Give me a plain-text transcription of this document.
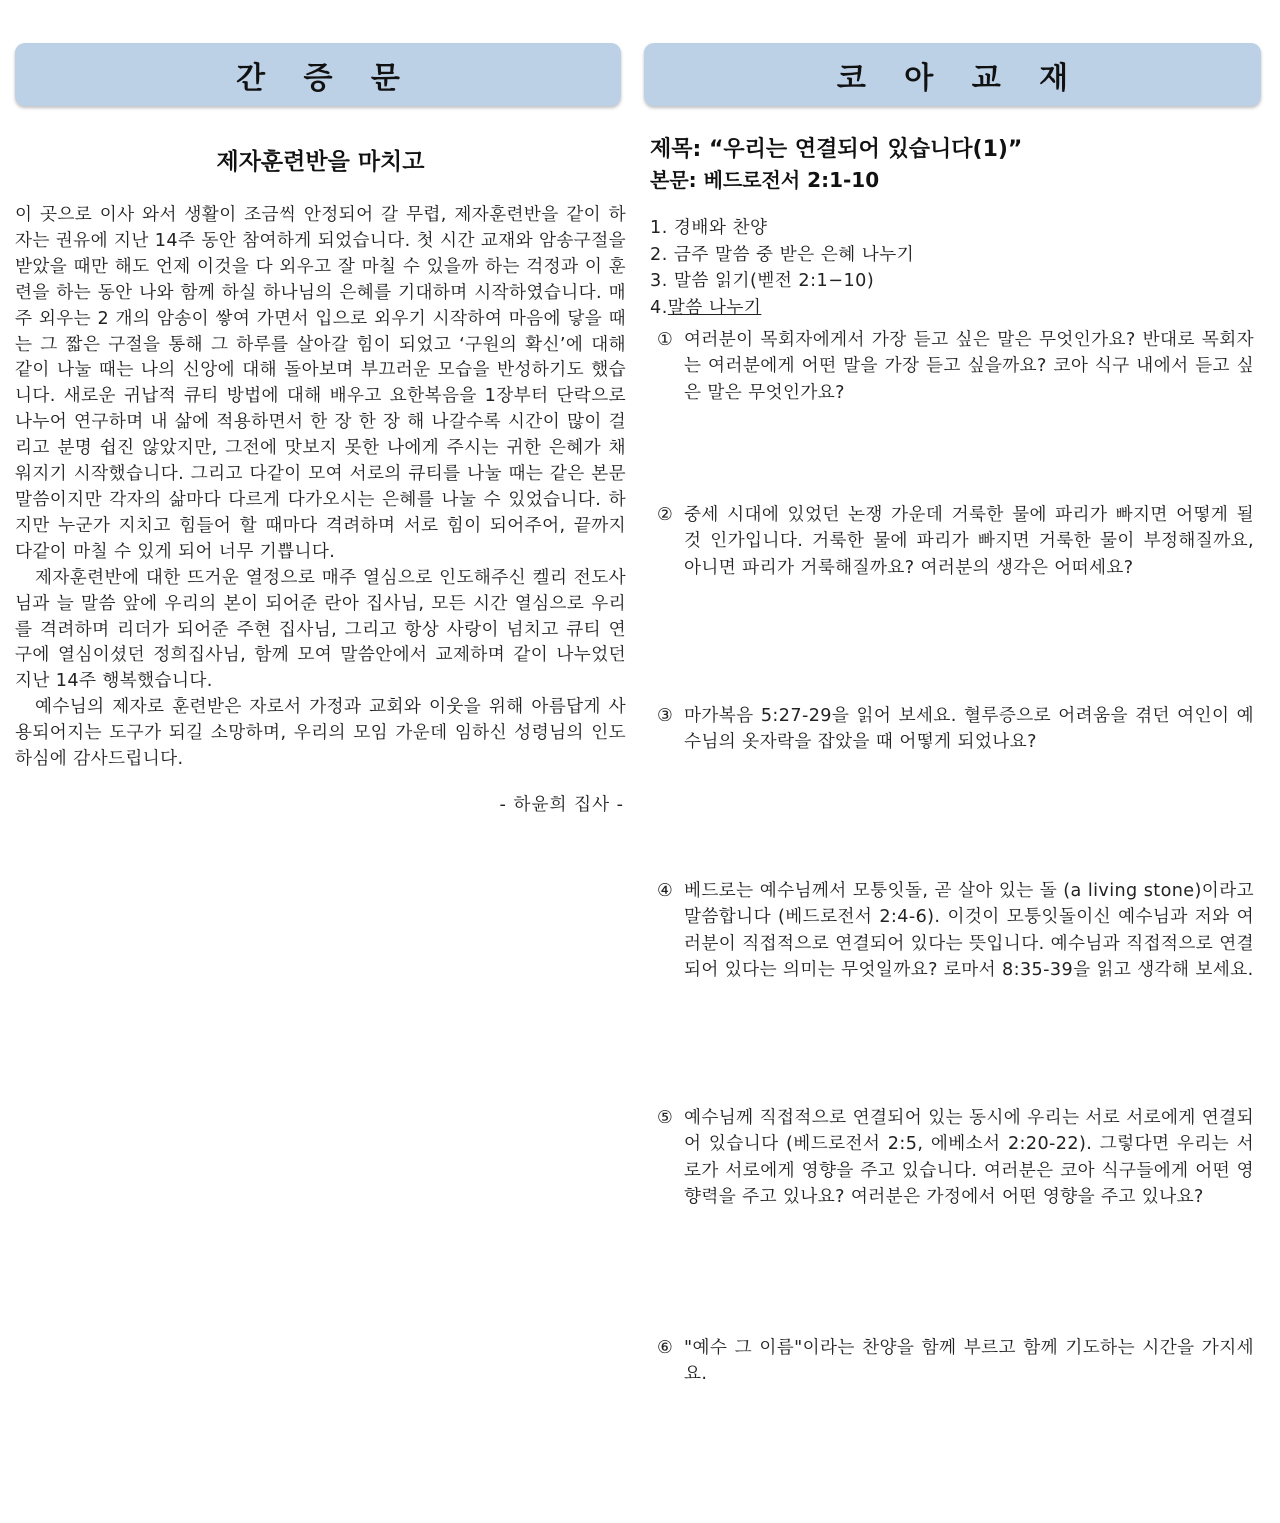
간 증 문	코 아 교 재
제자훈련반을 마치고

이 곳으로 이사 와서 생활이 조금씩 안정되어 갈 무렵, 제자훈련반을 같이 하자는 권유에 지난 14주 동안 참여하게 되었습니다. 첫 시간 교재와 암송구절을 받았을 때만 해도 언제 이것을 다 외우고 잘 마칠 수 있을까 하는 걱정과 이 훈련을 하는 동안 나와 함께 하실 하나님의 은혜를 기대하며 시작하였습니다. 매주 외우는 2 개의 암송이 쌓여 가면서 입으로 외우기 시작하여 마음에 닿을 때는 그 짧은 구절을 통해 그 하루를 살아갈 힘이 되었고 ‘구원의 확신’에 대해 같이 나눌 때는 나의 신앙에 대해 돌아보며 부끄러운 모습을 반성하기도 했습니다. 새로운 귀납적 큐티 방법에 대해 배우고 요한복음을 1장부터 단락으로 나누어 연구하며 내 삶에 적용하면서 한 장 한 장 해 나갈수록 시간이 많이 걸리고 분명 쉽진 않았지만, 그전에 맛보지 못한 나에게 주시는 귀한 은혜가 채워지기 시작했습니다. 그리고 다같이 모여 서로의 큐티를 나눌 때는 같은 본문 말씀이지만 각자의 삶마다 다르게 다가오시는 은혜를 나눌 수 있었습니다. 하지만 누군가 지치고 힘들어 할 때마다 격려하며 서로 힘이 되어주어, 끝까지 다같이 마칠 수 있게 되어 너무 기쁩니다.

제자훈련반에 대한 뜨거운 열정으로 매주 열심으로 인도해주신 켈리 전도사님과 늘 말씀 앞에 우리의 본이 되어준 란아 집사님, 모든 시간 열심으로 우리를 격려하며 리더가 되어준 주현 집사님, 그리고 항상 사랑이 넘치고 큐티 연구에 열심이셨던 정희집사님, 함께 모여 말씀안에서 교제하며 같이 나누었던 지난 14주 행복했습니다.

예수님의 제자로 훈련받은 자로서 가정과 교회와 이웃을 위해 아름답게 사용되어지는 도구가 되길 소망하며, 우리의 모임 가운데 임하신 성령님의 인도하심에 감사드립니다.

- 하윤희 집사 -
제목: “우리는 연결되어 있습니다(1)”
본문: 베드로전서 2:1-10
1. 경배와 찬양
2. 금주 말씀 중 받은 은혜 나누기
3. 말씀 읽기(벧전 2:1−10)
4.말씀 나누기
① 여러분이 목회자에게서 가장 듣고 싶은 말은 무엇인가요? 반대로 목회자는 여러분에게 어떤 말을 가장 듣고 싶을까요? 코아 식구 내에서 듣고 싶은 말은 무엇인가요?
② 중세 시대에 있었던 논쟁 가운데 거룩한 물에 파리가 빠지면 어떻게 될 것 인가입니다. 거룩한 물에 파리가 빠지면 거룩한 물이 부정해질까요, 아니면 파리가 거룩해질까요? 여러분의 생각은 어떠세요?
③ 마가복음 5:27-29을 읽어 보세요. 혈루증으로 어려움을 겪던 여인이 예수님의 옷자락을 잡았을 때 어떻게 되었나요?
④ 베드로는 예수님께서 모퉁잇돌, 곧 살아 있는 돌 (a living stone)이라고 말씀합니다 (베드로전서 2:4-6). 이것이 모퉁잇돌이신 예수님과 저와 여러분이 직접적으로 연결되어 있다는 뜻입니다. 예수님과 직접적으로 연결되어 있다는 의미는 무엇일까요? 로마서 8:35-39을 읽고 생각해 보세요.
⑤ 예수님께 직접적으로 연결되어 있는 동시에 우리는 서로 서로에게 연결되어 있습니다 (베드로전서 2:5, 에베소서 2:20-22). 그렇다면 우리는 서로가 서로에게 영향을 주고 있습니다. 여러분은 코아 식구들에게 어떤 영향력을 주고 있나요? 여러분은 가정에서 어떤 영향을 주고 있나요?
⑥ "예수 그 이름"이라는 찬양을 함께 부르고 함께 기도하는 시간을 가지세요.
